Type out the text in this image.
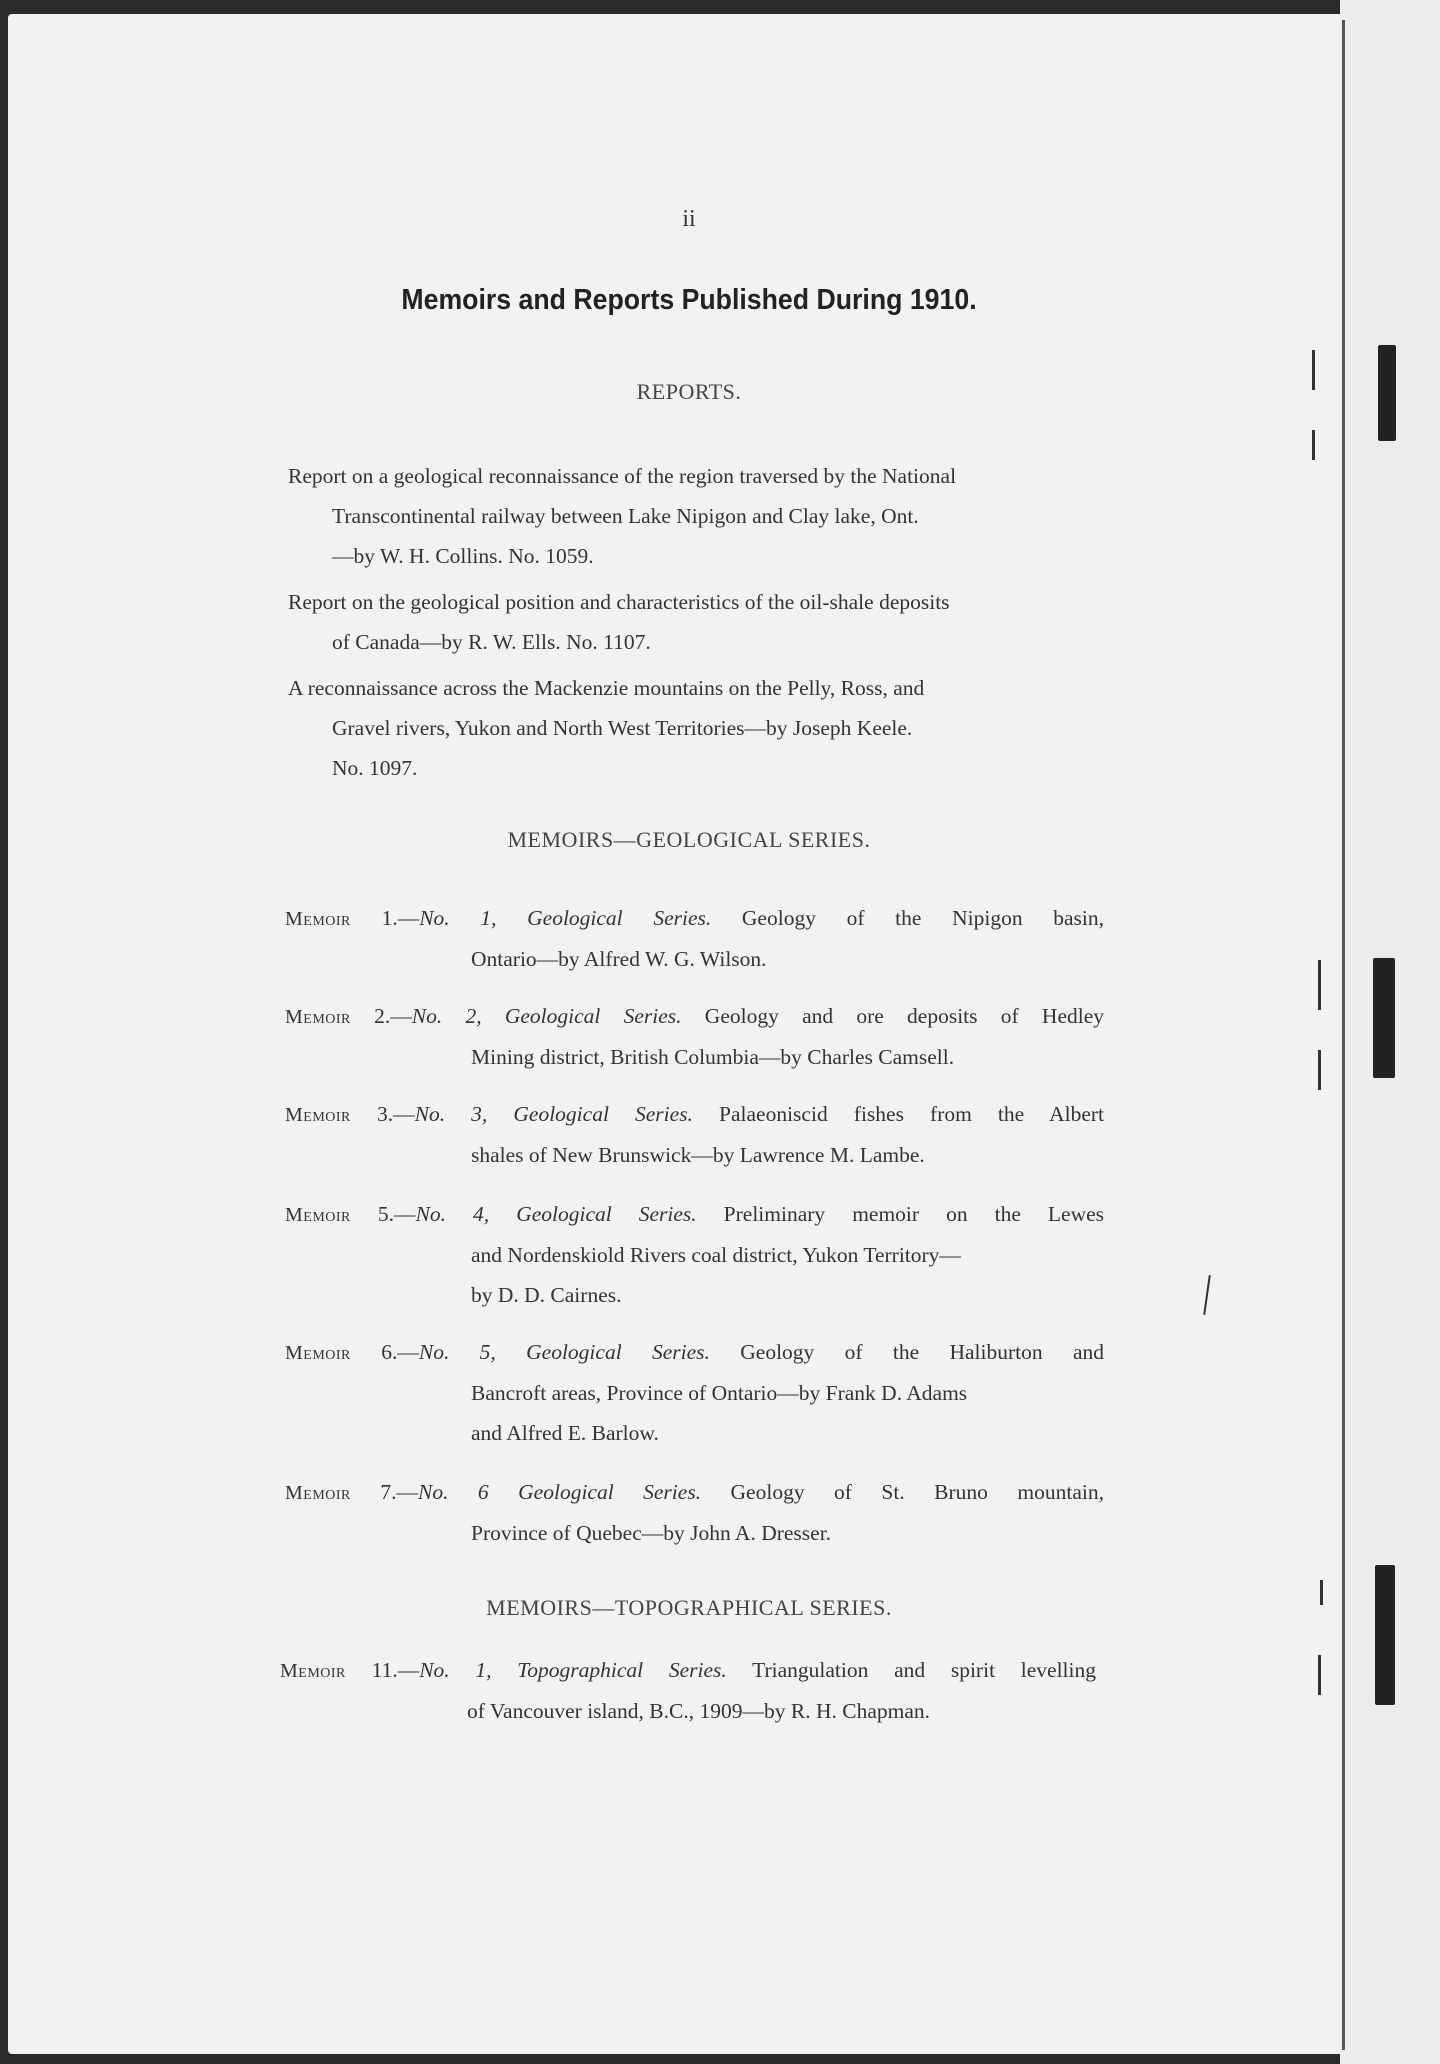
ii
Memoirs and Reports Published During 1910.
REPORTS.
Report on a geological reconnaissance of the region traversed by the National
Transcontinental railway between Lake Nipigon and Clay lake, Ont.
—by W. H. Collins. No. 1059.
Report on the geological position and characteristics of the oil-shale deposits
of Canada—by R. W. Ells. No. 1107.
A reconnaissance across the Mackenzie mountains on the Pelly, Ross, and
Gravel rivers, Yukon and North West Territories—by Joseph Keele.
No. 1097.
MEMOIRS—GEOLOGICAL SERIES.
Memoir 1.—No. 1, Geological Series. Geology of the Nipigon basin,
Ontario—by Alfred W. G. Wilson.
Memoir 2.—No. 2, Geological Series. Geology and ore deposits of Hedley
Mining district, British Columbia—by Charles Camsell.
Memoir 3.—No. 3, Geological Series. Palaeoniscid fishes from the Albert
shales of New Brunswick—by Lawrence M. Lambe.
Memoir 5.—No. 4, Geological Series. Preliminary memoir on the Lewes
and Nordenskiold Rivers coal district, Yukon Territory—
by D. D. Cairnes.
Memoir 6.—No. 5, Geological Series. Geology of the Haliburton and
Bancroft areas, Province of Ontario—by Frank D. Adams
and Alfred E. Barlow.
Memoir 7.—No. 6 Geological Series. Geology of St. Bruno mountain,
Province of Quebec—by John A. Dresser.
MEMOIRS—TOPOGRAPHICAL SERIES.
Memoir 11.—No. 1, Topographical Series. Triangulation and spirit levelling
of Vancouver island, B.C., 1909—by R. H. Chapman.
